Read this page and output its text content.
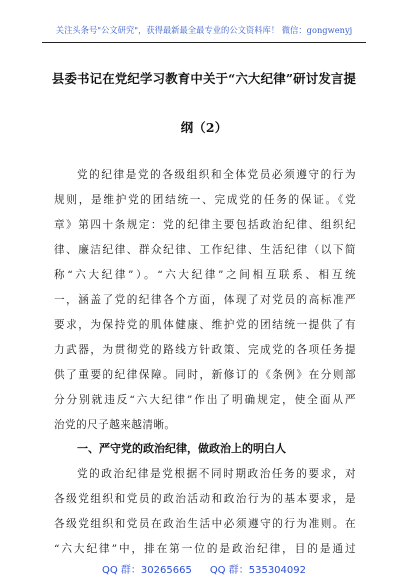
关注头条号"公文研究"，获得最新最全最专业的公文资料库！ 微信：gongwenyj
县委书记在党纪学习教育中关于“六大纪律”研讨发言提
纲（2）
党的纪律是党的各级组织和全体党员必须遵守的行为
规则，是维护党的团结统一、完成党的任务的保证。《党
章》第四十条规定：党的纪律主要包括政治纪律、组织纪
律、廉洁纪律、群众纪律、工作纪律、生活纪律（以下简
称“六大纪律”）。“六大纪律”之间相互联系、相互统
一，涵盖了党的纪律各个方面，体现了对党员的高标准严
要求，为保持党的肌体健康、维护党的团结统一提供了有
力武器，为贯彻党的路线方针政策、完成党的各项任务提
供了重要的纪律保障。同时，新修订的《条例》在分则部
分分别就违反“六大纪律”作出了明确规定，使全面从严
治党的尺子越来越清晰。
一、严守党的政治纪律，做政治上的明白人
党的政治纪律是党根据不同时期政治任务的要求，对
各级党组织和党员的政治活动和政治行为的基本要求，是
各级党组织和党员在政治生活中必须遵守的行为准则。在
“六大纪律”中，排在第一位的是政治纪律，目的是通过
QQ 群：30265665 QQ 群：535304092
